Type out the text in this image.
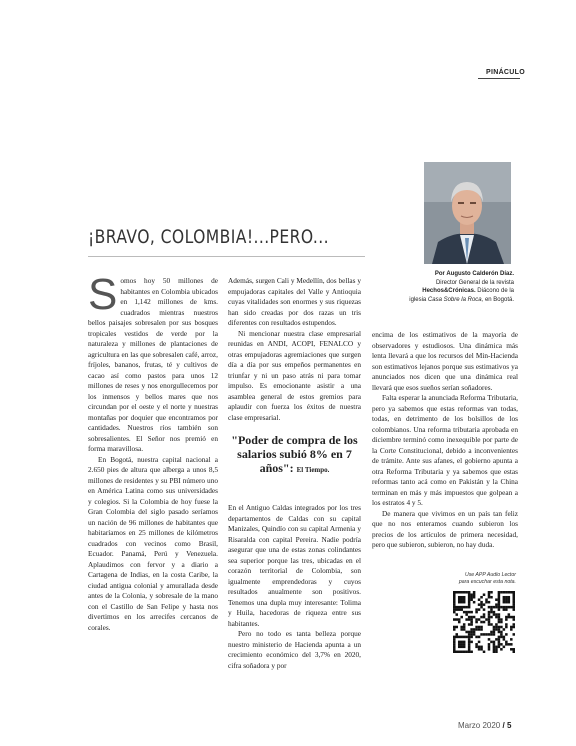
PINÁCULO
¡BRAVO, COLOMBIA!...PERO...
Por Augusto Calderón Díaz.
Director General de la revista
Hechos&Crónicas. Diácono de la
iglesia Casa Sobre la Roca, en Bogotá.

Somos hoy 50 millones de habitantes en Colombia ubicados en 1,142 millones de kms. cuadrados mientras nuestros bellos paisajes sobresalen por sus bosques tropicales vestidos de verde por la naturaleza y millones de plantaciones de agricultura en las que sobresalen café, arroz, fríjoles, bananos, frutas, té y cultivos de cacao así como pastos para unos 12 millones de reses y nos enorgullecemos por los inmensos y bellos mares que nos circundan por el oeste y el norte y nuestras montañas por doquier que encontramos por cantidades. Nuestros ríos también son sobresalientes. El Señor nos premió en forma maravillosa.

En Bogotá, nuestra capital nacional a 2.650 pies de altura que alberga a unos 8,5 millones de residentes y su PBI número uno en América Latina como sus universidades y colegios. Si la Colombia de hoy fuese la Gran Colombia del siglo pasado seríamos un nación de 96 millones de habitantes que habitaríamos en 25 millones de kilómetros cuadrados con vecinos como Brasil, Ecuador. Panamá, Perú y Venezuela. Aplaudimos con fervor y a diario a Cartagena de Indias, en la costa Caribe, la ciudad antigua colonial y amurallada desde antes de la Colonia, y sobresale de la mano con el Castillo de San Felipe y hasta nos divertimos en los arrecifes cercanos de corales.

Además, surgen Cali y Medellín, dos bellas y empujadoras capitales del Valle y Antioquia cuyas vitalidades son enormes y sus riquezas han sido creadas por dos razas un tris diferentes con resultados estupendos.

Ni mencionar nuestra clase empresarial reunidas en ANDI, ACOPI, FENALCO y otras empujadoras agremiaciones que surgen día a día por sus empeños permanentes en triunfar y ni un paso atrás ni para tomar impulso. Es emocionante asistir a una asamblea general de estos gremios para aplaudir con fuerza los éxitos de nuestra clase empresarial.

"Poder de compra de los salarios subió 8% en 7 años": El Tiempo.

En el Antiguo Caldas integrados por los tres departamentos de Caldas con su capital Manizales, Quindío con su capital Armenia y Risaralda con capital Pereira. Nadie podría asegurar que una de estas zonas colindantes sea superior porque las tres, ubicadas en el corazón territorial de Colombia, son igualmente emprendedoras y cuyos resultados anualmente son positivos. Tenemos una dupla muy interesante: Tolima y Huila, hacedoras de riqueza entre sus habitantes.

Pero no todo es tanta belleza porque nuestro ministerio de Hacienda apunta a un crecimiento económico del 3,7% en 2020, cifra soñadora y por

encima de los estimativos de la mayoría de observadores y estudiosos. Una dinámica más lenta llevará a que los recursos del Min-Hacienda son estimativos lejanos porque sus estimativos ya anunciados nos dicen que una dinámica real llevará que esos sueños serían soñadores.

Falta esperar la anunciada Reforma Tributaria, pero ya sabemos que estas reformas van todas, todas, en detrimento de los bolsillos de los colombianos. Una reforma tributaria aprobada en diciembre terminó como inexequible por parte de la Corte Constitucional, debido a inconvenientes de trámite. Ante sus afanes, el gobierno apunta a otra Reforma Tributaria y ya sabemos que estas reformas tanto acá como en Pakistán y la China terminan en más y más impuestos que golpean a los estratos 4 y 5.

De manera que vivimos en un país tan feliz que no nos enteramos cuando subieron los precios de los artículos de primera necesidad, pero que subieron, subieron, no hay duda.

Use APP Audio Lector
para escuchar esta nota.
Marzo 2020 / 5
